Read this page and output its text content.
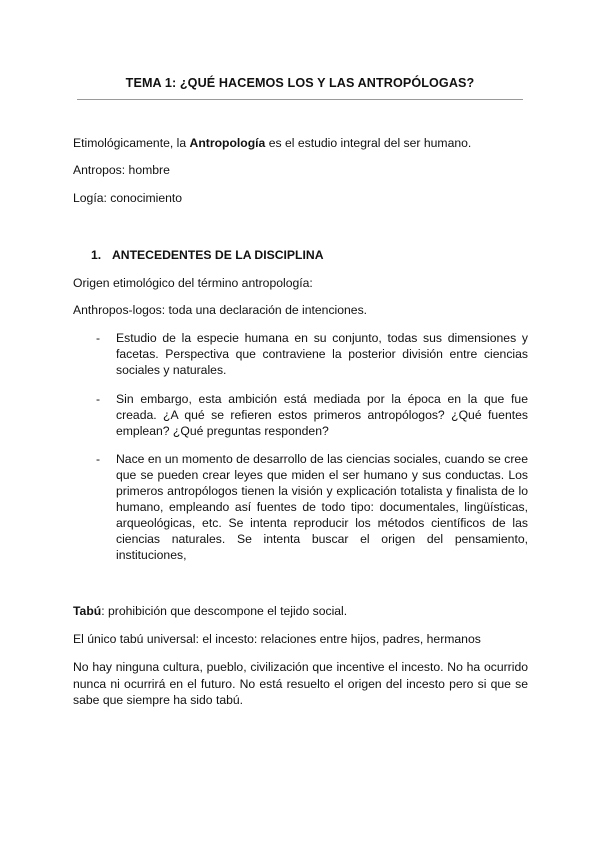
TEMA 1: ¿QUÉ HACEMOS LOS Y LAS ANTROPÓLOGAS?
Etimológicamente, la Antropología es el estudio integral del ser humano.
Antropos: hombre
Logía: conocimiento
1. ANTECEDENTES DE LA DISCIPLINA
Origen etimológico del término antropología:
Anthropos-logos: toda una declaración de intenciones.
- Estudio de la especie humana en su conjunto, todas sus dimensiones y facetas. Perspectiva que contraviene la posterior división entre ciencias sociales y naturales.
- Sin embargo, esta ambición está mediada por la época en la que fue creada. ¿A qué se refieren estos primeros antropólogos? ¿Qué fuentes emplean? ¿Qué preguntas responden?
- Nace en un momento de desarrollo de las ciencias sociales, cuando se cree que se pueden crear leyes que miden el ser humano y sus conductas. Los primeros antropólogos tienen la visión y explicación totalista y finalista de lo humano, empleando así fuentes de todo tipo: documentales, lingüísticas, arqueológicas, etc. Se intenta reproducir los métodos científicos de las ciencias naturales. Se intenta buscar el origen del pensamiento, instituciones,
Tabú: prohibición que descompone el tejido social.
El único tabú universal: el incesto: relaciones entre hijos, padres, hermanos
No hay ninguna cultura, pueblo, civilización que incentive el incesto. No ha ocurrido nunca ni ocurrirá en el futuro. No está resuelto el origen del incesto pero si que se sabe que siempre ha sido tabú.
